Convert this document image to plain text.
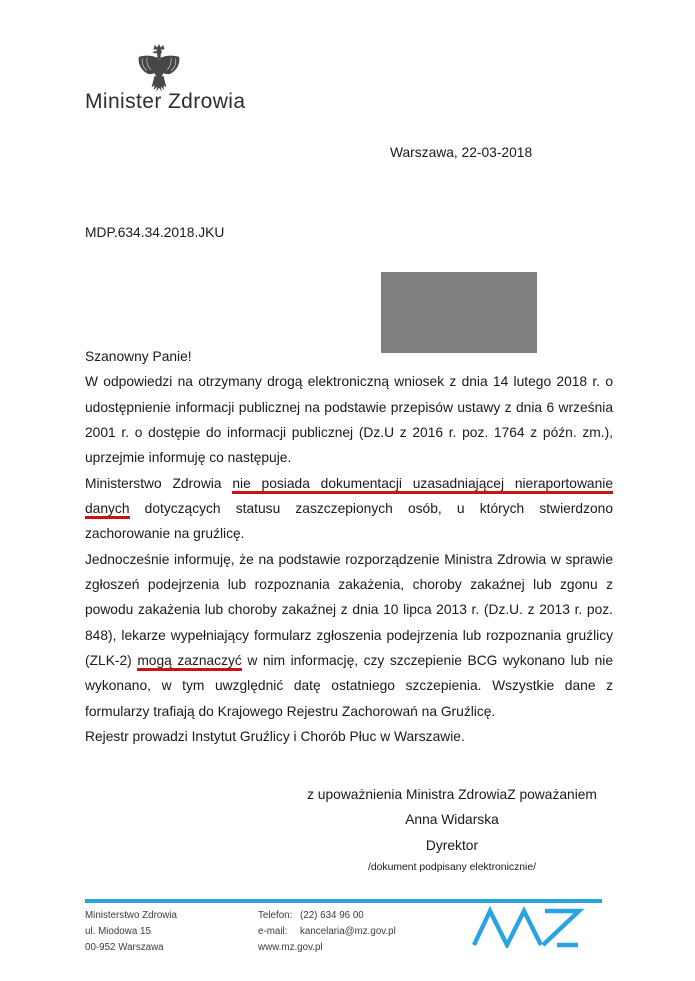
Minister Zdrowia
Warszawa, 22-03-2018
MDP.634.34.2018.JKU

Szanowny Panie!

W odpowiedzi na otrzymany drogą elektroniczną wniosek z dnia 14 lutego 2018 r. o udostępnienie informacji publicznej na podstawie przepisów ustawy z dnia 6 września 2001 r. o dostępie do informacji publicznej (Dz.U z 2016 r. poz. 1764 z późn. zm.), uprzejmie informuję co następuje.

Ministerstwo Zdrowia nie posiada dokumentacji uzasadniającej nieraportowanie danych dotyczących statusu zaszczepionych osób, u których stwierdzono zachorowanie na gruźlicę.

Jednocześnie informuję, że na podstawie rozporządzenie Ministra Zdrowia w sprawie zgłoszeń podejrzenia lub rozpoznania zakażenia, choroby zakaźnej lub zgonu z powodu zakażenia lub choroby zakaźnej z dnia 10 lipca 2013 r. (Dz.U. z 2013 r. poz. 848), lekarze wypełniający formularz zgłoszenia podejrzenia lub rozpoznania gruźlicy (ZLK-2) mogą zaznaczyć w nim informację, czy szczepienie BCG wykonano lub nie wykonano, w tym uwzględnić datę ostatniego szczepienia. Wszystkie dane z formularzy trafiają do Krajowego Rejestru Zachorowań na Gruźlicę.

Rejestr prowadzi Instytut Gruźlicy i Chorób Płuc w Warszawie.

z upoważnienia Ministra ZdrowiaZ poważaniem
Anna Widarska
Dyrektor
/dokument podpisany elektronicznie/
Ministerstwo Zdrowia
ul. Miodowa 15
00-952 Warszawa
Telefon: (22) 634 96 00
e-mail:	kancelaria@mz.gov.pl
www.mz.gov.pl
